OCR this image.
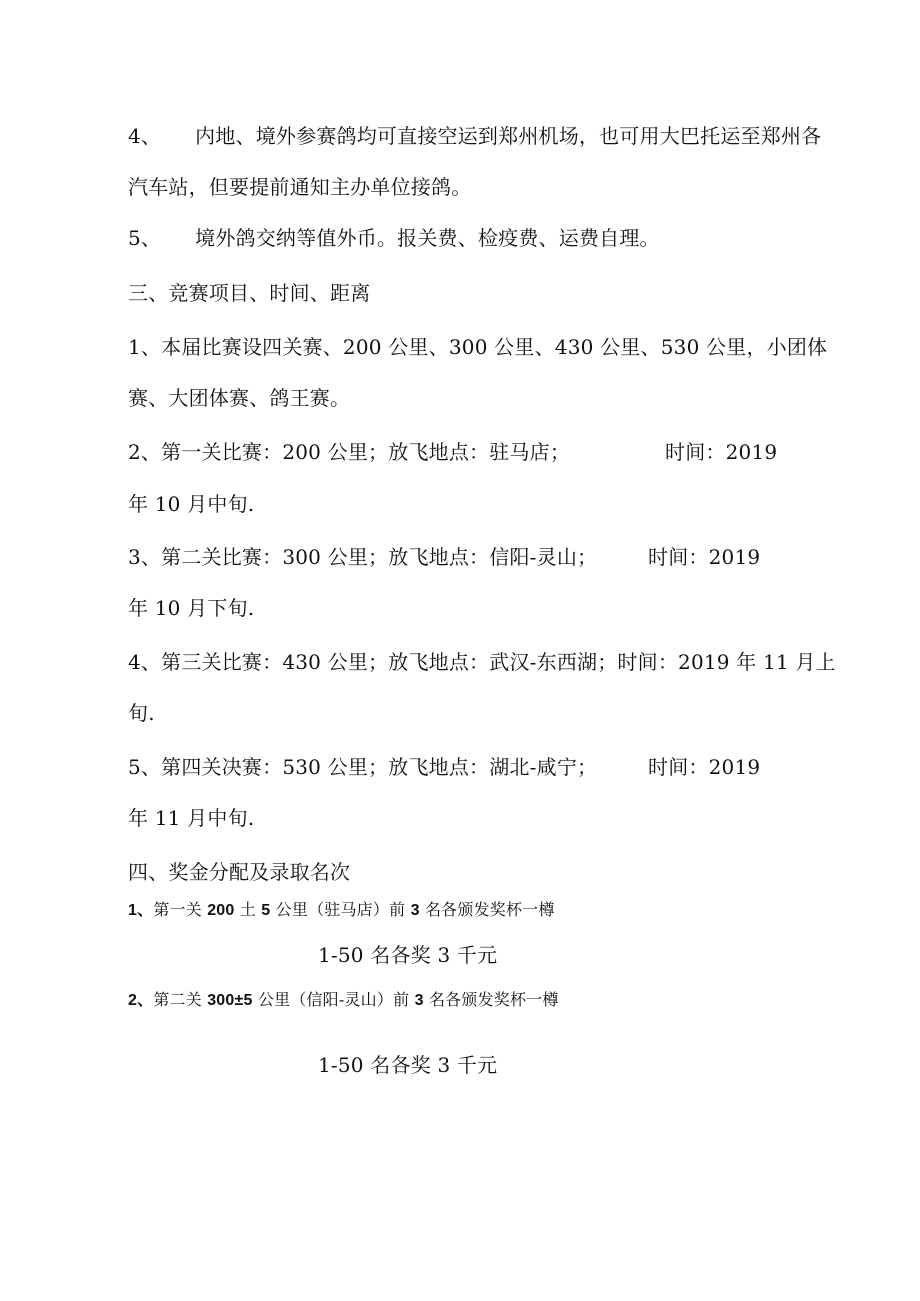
4、 内地、境外参赛鸽均可直接空运到郑州机场，也可用大巴托运至郑州各
汽车站，但要提前通知主办单位接鸽。
5、 境外鸽交纳等值外币。报关费、检疫费、运费自理。
三、竞赛项目、时间、距离
1、本届比赛设四关赛、200 公里、300 公里、430 公里、530 公里，小团体
赛、大团体赛、鸽王赛。
2、第一关比赛：200 公里；放飞地点：驻马店；	时间：2019
年 10 月中旬.
3、第二关比赛：300 公里；放飞地点：信阳-灵山；	时间：2019
年 10 月下旬.
4、第三关比赛：430 公里；放飞地点：武汉-东西湖；时间：2019 年 11 月上
旬.
5、第四关决赛：530 公里；放飞地点：湖北-咸宁；	时间：2019
年 11 月中旬.
四、奖金分配及录取名次
1、第一关 200 土 5 公里（驻马店）前 3 名各颁发奖杯一樽
1-50 名各奖 3 千元
2、第二关 300±5 公里（信阳-灵山）前 3 名各颁发奖杯一樽
1-50 名各奖 3 千元
